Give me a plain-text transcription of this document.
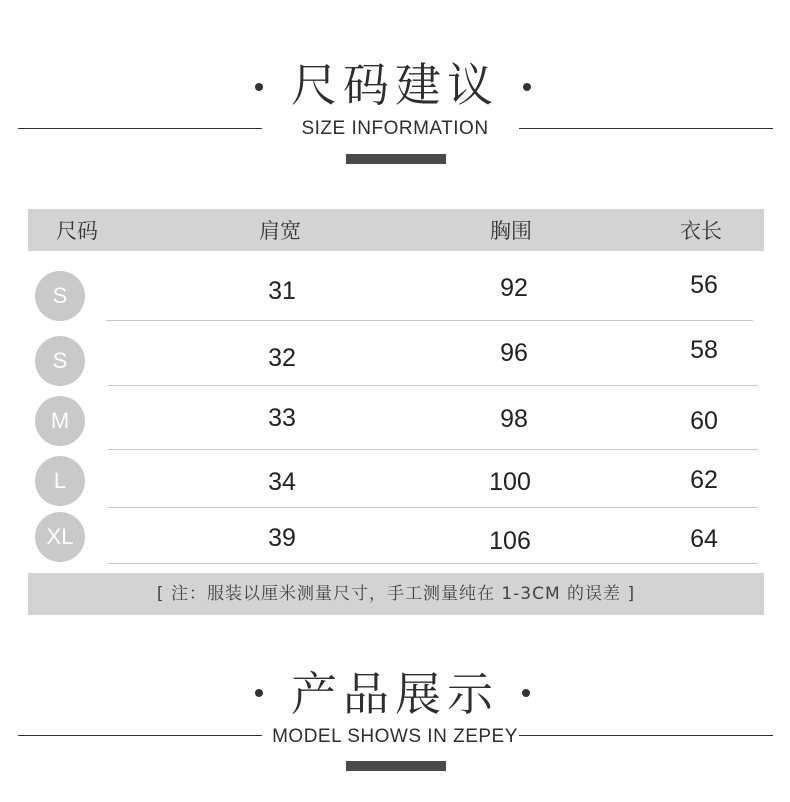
尺码建议
SIZE INFORMATION
尺码	肩宽	胸围	衣长
S	31	92	56
S	32	96	58
M	33	98	60
L	34	100	62
XL	39	106	64
[ 注：服装以厘米测量尺寸，手工测量纯在 1-3CM 的误差 ]
产品展示
MODEL SHOWS IN ZEPEY
